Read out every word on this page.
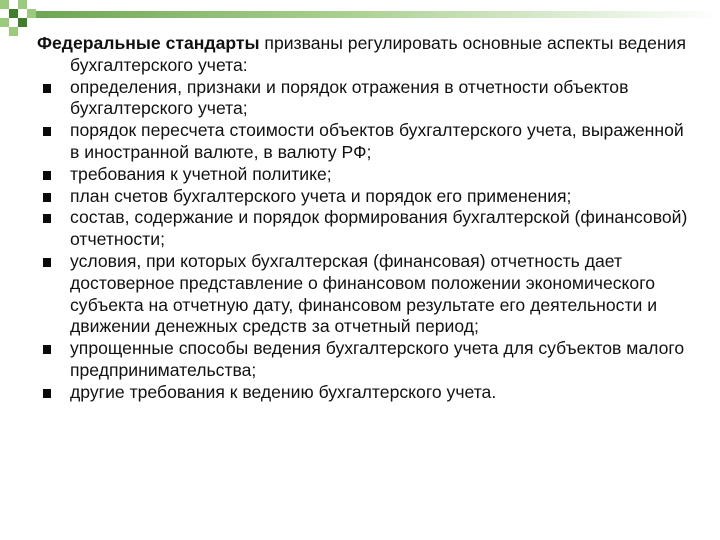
Федеральные стандарты призваны регулировать основные аспекты ведения бухгалтерского учета:
определения, признаки и порядок отражения в отчетности объектов бухгалтерского учета;
порядок пересчета стоимости объектов бухгалтерского учета, выраженной в иностранной валюте, в валюту РФ;
требования к учетной политике;
план счетов бухгалтерского учета и порядок его применения;
состав, содержание и порядок формирования бухгалтерской (финансовой) отчетности;
условия, при которых бухгалтерская (финансовая) отчетность дает достоверное представление о финансовом положении экономического субъекта на отчетную дату, финансовом результате его деятельности и движении денежных средств за отчетный период;
упрощенные способы ведения бухгалтерского учета для субъектов малого предпринимательства;
другие требования к ведению бухгалтерского учета.
